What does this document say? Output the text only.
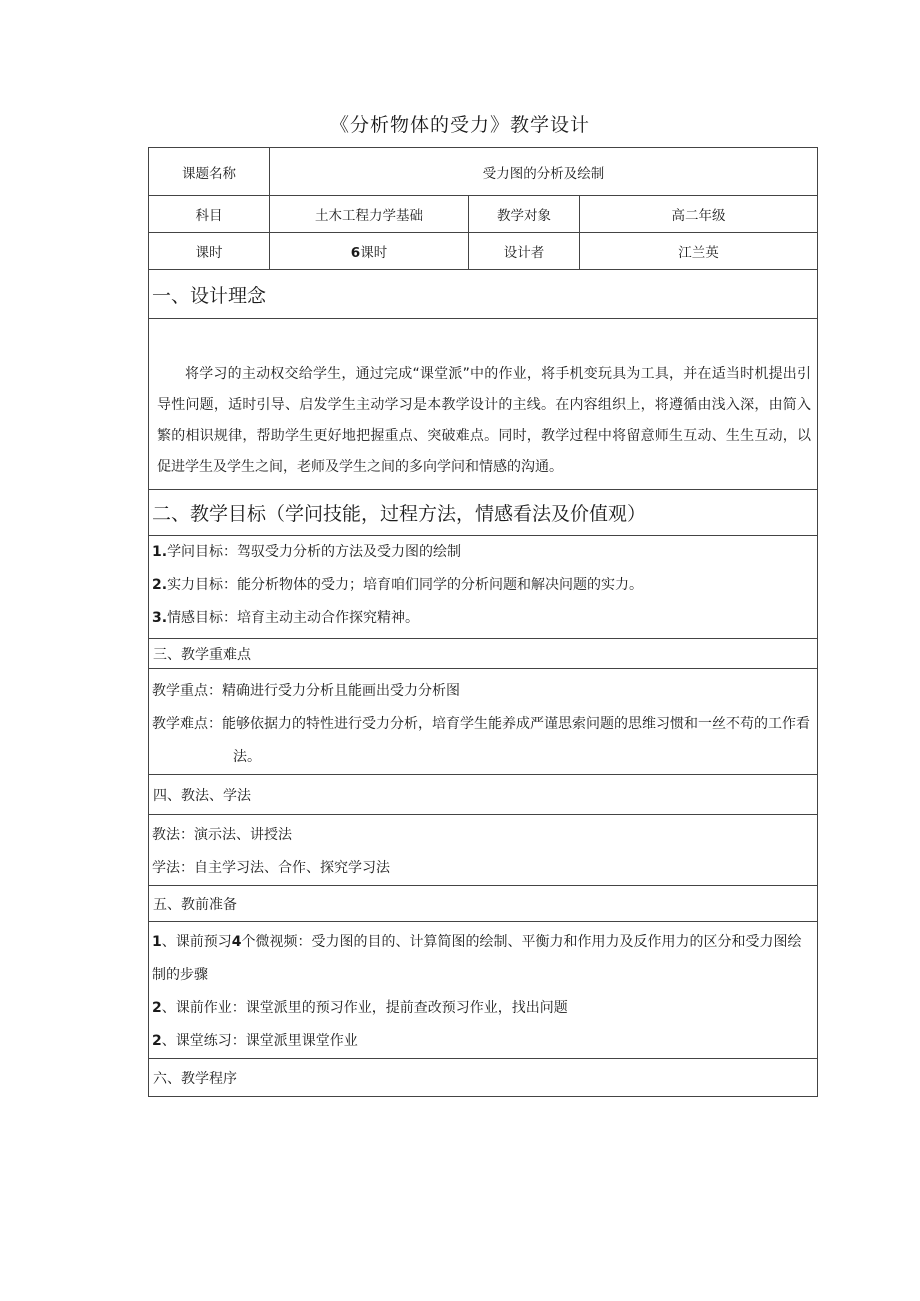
《分析物体的受力》教学设计
课题名称	受力图的分析及绘制		
科目	土木工程力学基础	教学对象	高二年级
课时	6课时	设计者	江兰英
一、设计理念			
将学习的主动权交给学生，通过完成“课堂派”中的作业，将手机变玩具为工具，并在适当时机提出引导性问题，适时引导、启发学生主动学习是本教学设计的主线。在内容组织上，将遵循由浅入深，由简入繁的相识规律，帮助学生更好地把握重点、突破难点。同时，教学过程中将留意师生互动、生生互动，以促进学生及学生之间，老师及学生之间的多向学问和情感的沟通。			
二、教学目标（学问技能，过程方法，情感看法及价值观）			

1.学问目标：驾驭受力分析的方法及受力图的绘制
2.实力目标：能分析物体的受力；培育咱们同学的分析问题和解决问题的实力。
3.情感目标：培育主动主动合作探究精神。			

三、教学重难点			

教学重点：精确进行受力分析且能画出受力分析图
教学难点：能够依据力的特性进行受力分析，培育学生能养成严谨思索问题的思维习惯和一丝不苟的工作看法。			

四、教法、学法			

教法：演示法、讲授法
学法：自主学习法、合作、探究学习法			

五、教前准备			

1、课前预习4个微视频：受力图的目的、计算简图的绘制、平衡力和作用力及反作用力的区分和受力图绘制的步骤
2、课前作业：课堂派里的预习作业，提前查改预习作业，找出问题
2、课堂练习：课堂派里课堂作业			

六、教学程序			
